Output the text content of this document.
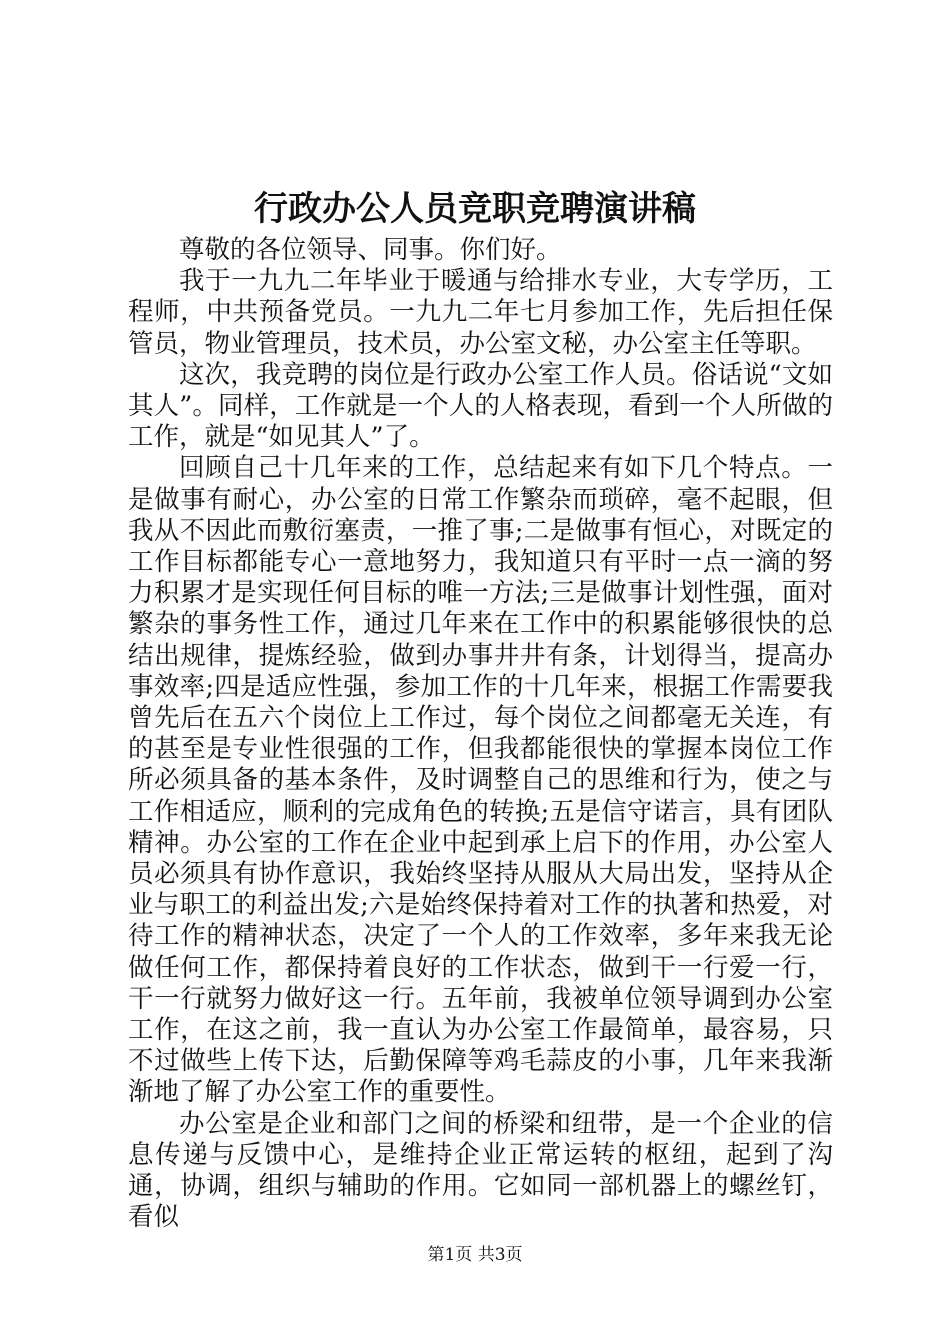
行政办公人员竞职竞聘演讲稿

尊敬的各位领导、同事。你们好。

我于一九九二年毕业于暖通与给排水专业，大专学历，工程师，中共预备党员。一九九二年七月参加工作，先后担任保管员，物业管理员，技术员，办公室文秘，办公室主任等职。

这次，我竞聘的岗位是行政办公室工作人员。俗话说“文如其人”。同样，工作就是一个人的人格表现，看到一个人所做的工作，就是“如见其人”了。

回顾自己十几年来的工作，总结起来有如下几个特点。一是做事有耐心，办公室的日常工作繁杂而琐碎，毫不起眼，但我从不因此而敷衍塞责，一推了事;二是做事有恒心，对既定的工作目标都能专心一意地努力，我知道只有平时一点一滴的努力积累才是实现任何目标的唯一方法;三是做事计划性强，面对繁杂的事务性工作，通过几年来在工作中的积累能够很快的总结出规律，提炼经验，做到办事井井有条，计划得当，提高办事效率;四是适应性强，参加工作的十几年来，根据工作需要我曾先后在五六个岗位上工作过，每个岗位之间都毫无关连，有的甚至是专业性很强的工作，但我都能很快的掌握本岗位工作所必须具备的基本条件，及时调整自己的思维和行为，使之与工作相适应，顺利的完成角色的转换;五是信守诺言，具有团队精神。办公室的工作在企业中起到承上启下的作用，办公室人员必须具有协作意识，我始终坚持从服从大局出发，坚持从企业与职工的利益出发;六是始终保持着对工作的执著和热爱，对待工作的精神状态，决定了一个人的工作效率，多年来我无论做任何工作，都保持着良好的工作状态，做到干一行爱一行，干一行就努力做好这一行。五年前，我被单位领导调到办公室工作，在这之前，我一直认为办公室工作最简单，最容易，只不过做些上传下达，后勤保障等鸡毛蒜皮的小事，几年来我渐渐地了解了办公室工作的重要性。

办公室是企业和部门之间的桥梁和纽带，是一个企业的信息传递与反馈中心，是维持企业正常运转的枢纽，起到了沟通，协调，组织与辅助的作用。它如同一部机器上的螺丝钉，看似

第1页 共3页
